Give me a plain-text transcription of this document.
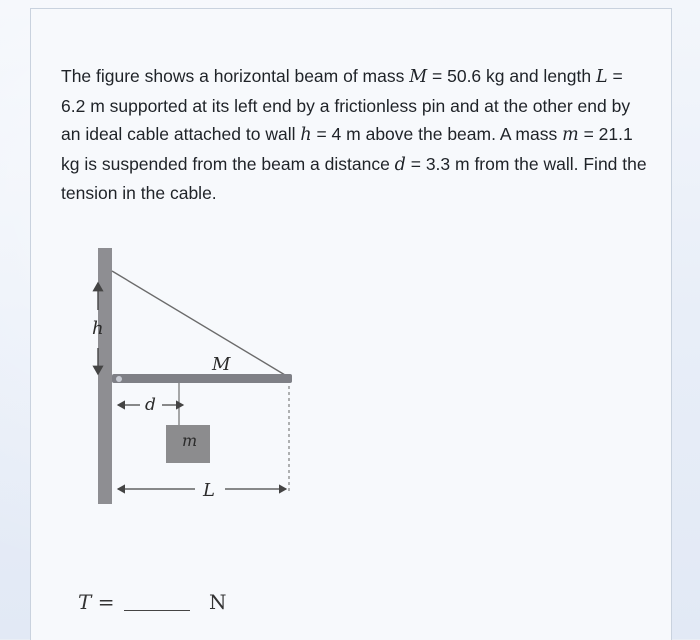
The figure shows a horizontal beam of mass M = 50.6 kg and length L = 6.2 m supported at its left end by a frictionless pin and at the other end by an ideal cable attached to wall h = 4 m above the beam. A mass m = 21.1 kg is suspended from the beam a distance d = 3.3 m from the wall. Find the tension in the cable.
m
h
M
d
L
T =	N
